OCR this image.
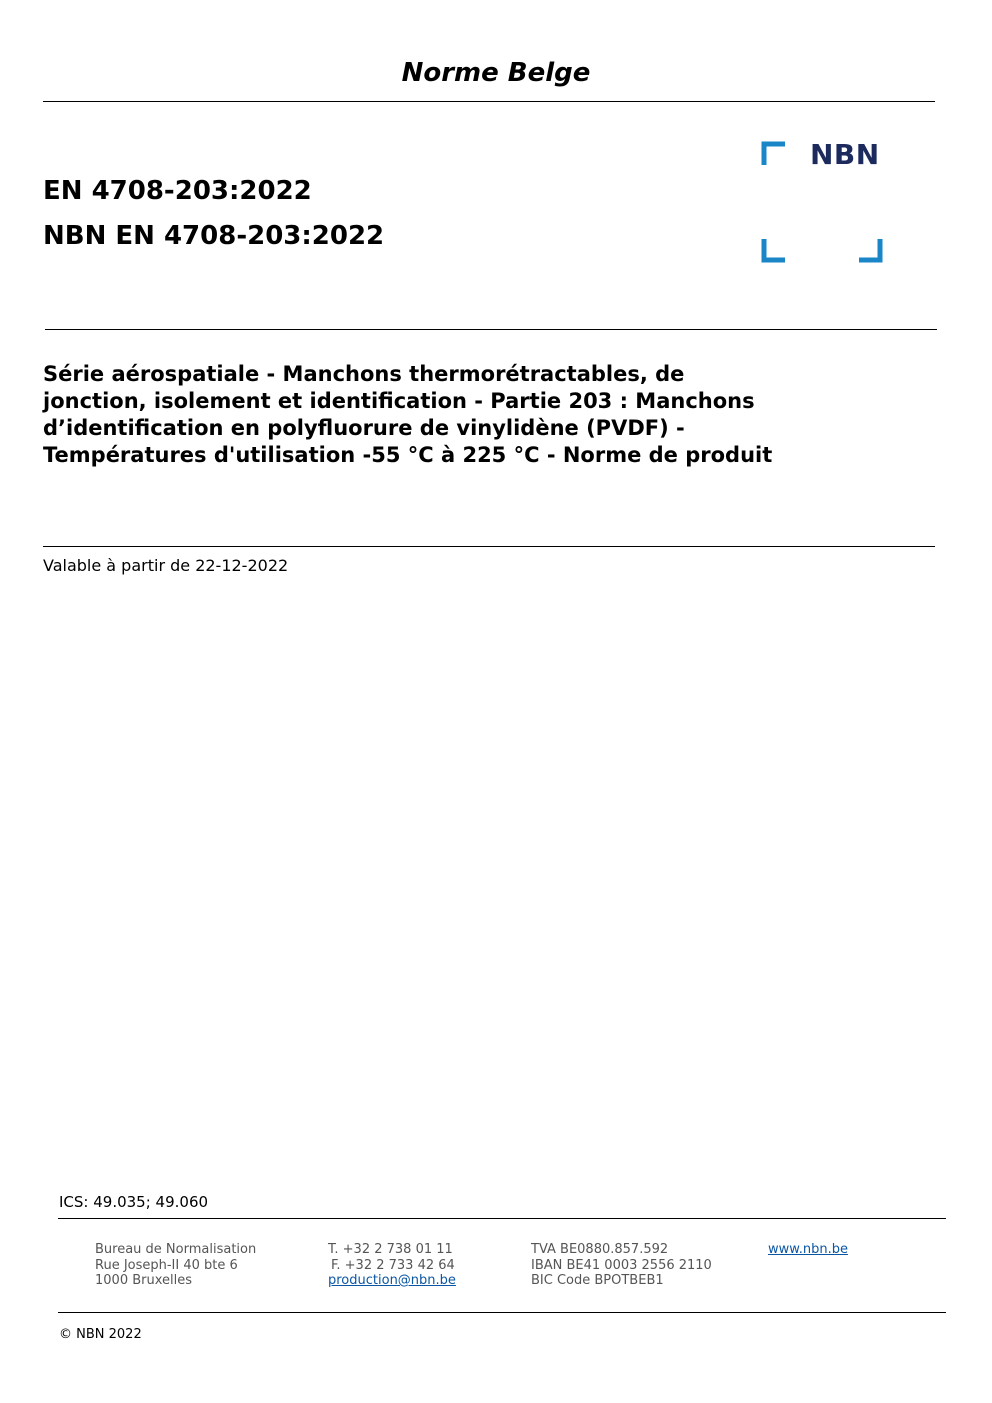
Norme Belge
EN 4708-203:2022
NBN EN 4708-203:2022
NBN
Série aérospatiale - Manchons thermorétractables, de
jonction, isolement et identification - Partie 203 : Manchons
d’identification en polyfluorure de vinylidène (PVDF) -
Températures d'utilisation -55 °C à 225 °C - Norme de produit
Valable à partir de 22-12-2022
ICS: 49.035; 49.060
Bureau de Normalisation
Rue Joseph-II 40 bte 6
1000 Bruxelles
T. +32 2 738 01 11
F. +32 2 733 42 64
production@nbn.be
TVA BE0880.857.592
IBAN BE41 0003 2556 2110
BIC Code BPOTBEB1
www.nbn.be
© NBN 2022
